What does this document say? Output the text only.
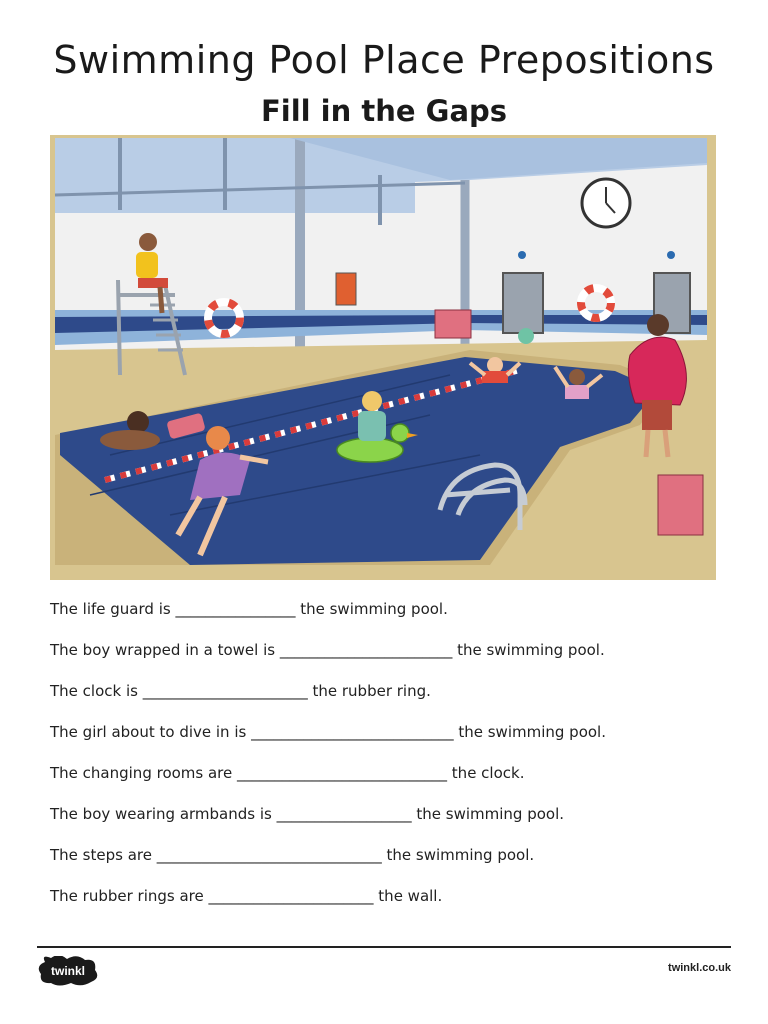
Swimming Pool Place Prepositions
Fill in the Gaps
The life guard is ________________ the swimming pool.
The boy wrapped in a towel is _______________________ the swimming pool.
The clock is ______________________ the rubber ring.
The girl about to dive in is ___________________________ the swimming pool.
The changing rooms are ____________________________ the clock.
The boy wearing armbands is __________________ the swimming pool.
The steps are ______________________________ the swimming pool.
The rubber rings are ______________________ the wall.
twinkl	twinkl.co.uk
